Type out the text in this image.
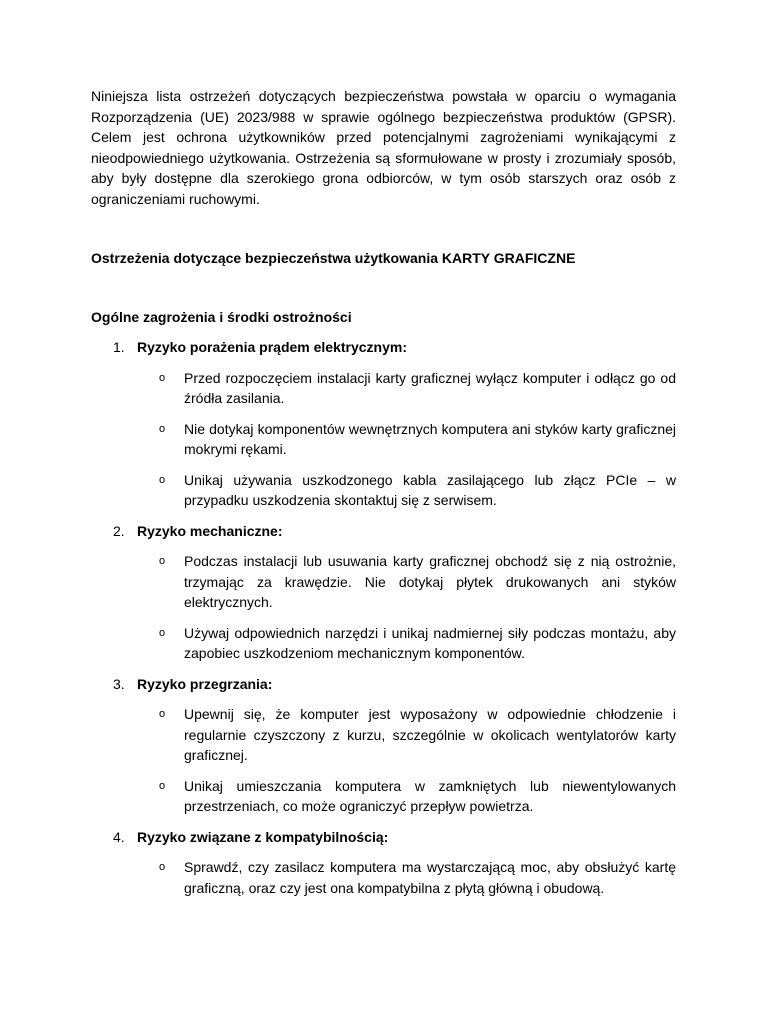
Niniejsza lista ostrzeżeń dotyczących bezpieczeństwa powstała w oparciu o wymagania Rozporządzenia (UE) 2023/988 w sprawie ogólnego bezpieczeństwa produktów (GPSR). Celem jest ochrona użytkowników przed potencjalnymi zagrożeniami wynikającymi z nieodpowiedniego użytkowania. Ostrzeżenia są sformułowane w prosty i zrozumiały sposób, aby były dostępne dla szerokiego grona odbiorców, w tym osób starszych oraz osób z ograniczeniami ruchowymi.

Ostrzeżenia dotyczące bezpieczeństwa użytkowania KARTY GRAFICZNE
Ogólne zagrożenia i środki ostrożności
1. Ryzyko porażenia prądem elektrycznym:
o Przed rozpoczęciem instalacji karty graficznej wyłącz komputer i odłącz go od źródła zasilania.
o Nie dotykaj komponentów wewnętrznych komputera ani styków karty graficznej mokrymi rękami.
o Unikaj używania uszkodzonego kabla zasilającego lub złącz PCIe – w przypadku uszkodzenia skontaktuj się z serwisem.
2. Ryzyko mechaniczne:
o Podczas instalacji lub usuwania karty graficznej obchodź się z nią ostrożnie, trzymając za krawędzie. Nie dotykaj płytek drukowanych ani styków elektrycznych.
o Używaj odpowiednich narzędzi i unikaj nadmiernej siły podczas montażu, aby zapobiec uszkodzeniom mechanicznym komponentów.
3. Ryzyko przegrzania:
o Upewnij się, że komputer jest wyposażony w odpowiednie chłodzenie i regularnie czyszczony z kurzu, szczególnie w okolicach wentylatorów karty graficznej.
o Unikaj umieszczania komputera w zamkniętych lub niewentylowanych przestrzeniach, co może ograniczyć przepływ powietrza.
4. Ryzyko związane z kompatybilnością:
o Sprawdź, czy zasilacz komputera ma wystarczającą moc, aby obsłużyć kartę graficzną, oraz czy jest ona kompatybilna z płytą główną i obudową.
